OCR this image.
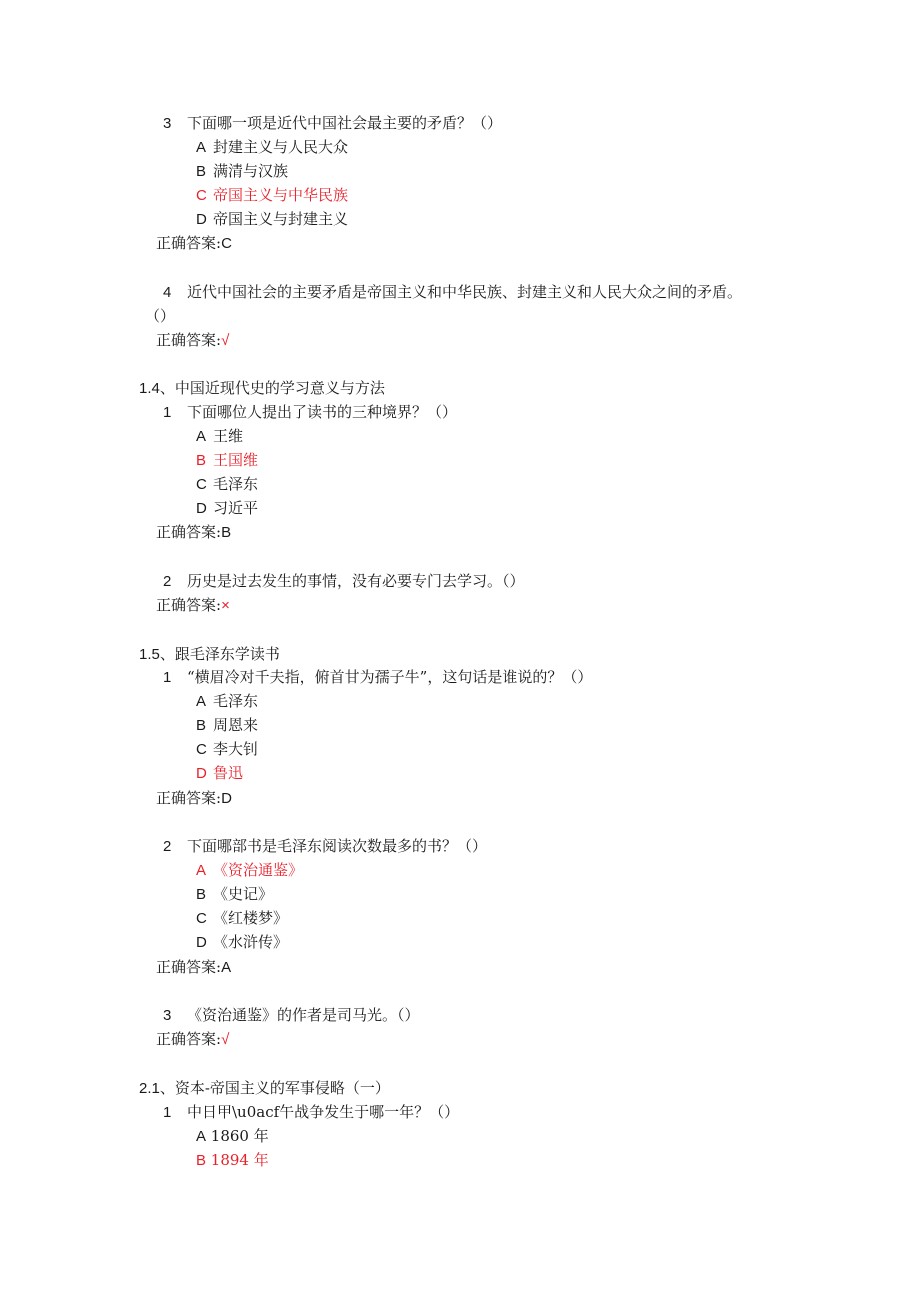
3 下面哪一项是近代中国社会最主要的矛盾？（）
A 封建主义与人民大众
B 满清与汉族
C 帝国主义与中华民族
D 帝国主义与封建主义
正确答案:C
4 近代中国社会的主要矛盾是帝国主义和中华民族、封建主义和人民大众之间的矛盾。
（）
正确答案:√
1.4、中国近现代史的学习意义与方法
1 下面哪位人提出了读书的三种境界？（）
A 王维
B 王国维
C 毛泽东
D 习近平
正确答案:B
2 历史是过去发生的事情，没有必要专门去学习。（）
正确答案:×
1.5、跟毛泽东学读书
1 “横眉冷对千夫指，俯首甘为孺子牛”，这句话是谁说的？（）
A 毛泽东
B 周恩来
C 李大钊
D 鲁迅
正确答案:D
2 下面哪部书是毛泽东阅读次数最多的书？（）
A 《资治通鉴》
B 《史记》
C 《红楼梦》
D 《水浒传》
正确答案:A
3 《资治通鉴》的作者是司马光。（）
正确答案:√
2.1、资本-帝国主义的军事侵略（一）
1 中日甲\u0acf午战争发生于哪一年？（）
A 1860 年
B 1894 年
